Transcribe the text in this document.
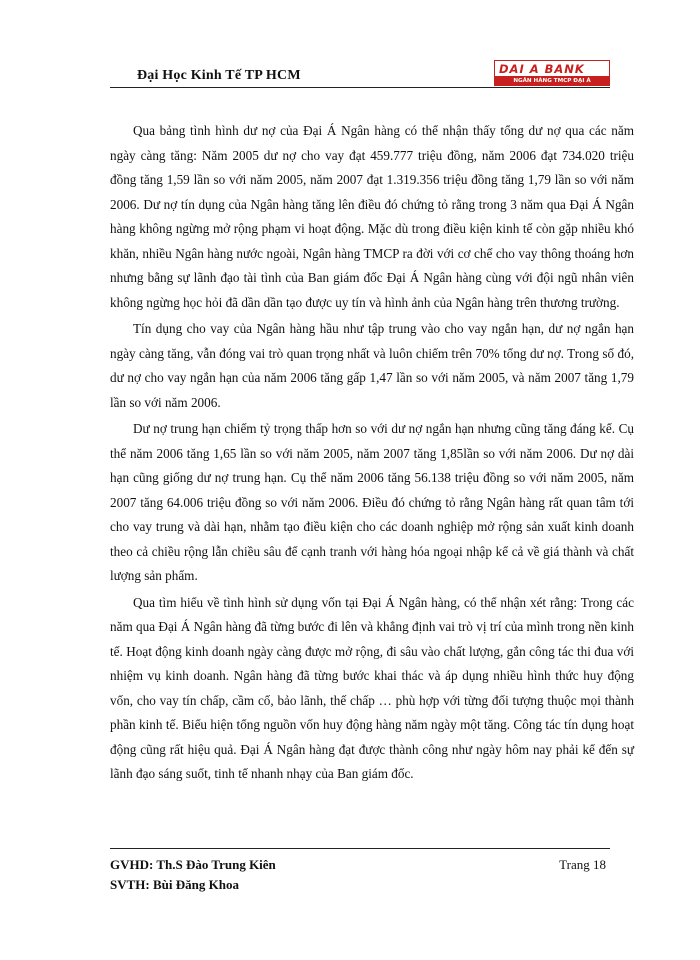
Đại Học Kinh Tế TP HCM	DAI A BANK
NGÂN HÀNG TMCP ĐẠI Á

Qua bảng tình hình dư nợ của Đại Á Ngân hàng có thể nhận thấy tổng dư nợ qua các năm ngày càng tăng: Năm 2005 dư nợ cho vay đạt 459.777 triệu đồng, năm 2006 đạt 734.020 triệu đồng tăng 1,59 lần so với năm 2005, năm 2007 đạt 1.319.356 triệu đồng tăng 1,79 lần so với năm 2006. Dư nợ tín dụng của Ngân hàng tăng lên điều đó chứng tỏ rằng trong 3 năm qua Đại Á Ngân hàng không ngừng mở rộng phạm vi hoạt động. Mặc dù trong điều kiện kinh tế còn gặp nhiều khó khăn, nhiều Ngân hàng nước ngoài, Ngân hàng TMCP ra đời với cơ chế cho vay thông thoáng hơn nhưng bằng sự lãnh đạo tài tình của Ban giám đốc Đại Á Ngân hàng cùng với đội ngũ nhân viên không ngừng học hỏi đã dần dần tạo được uy tín và hình ảnh của Ngân hàng trên thương trường.

Tín dụng cho vay của Ngân hàng hầu như tập trung vào cho vay ngắn hạn, dư nợ ngắn hạn ngày càng tăng, vẫn đóng vai trò quan trọng nhất và luôn chiếm trên 70% tổng dư nợ. Trong số đó, dư nợ cho vay ngắn hạn của năm 2006 tăng gấp 1,47 lần so với năm 2005, và năm 2007 tăng 1,79 lần so với năm 2006.

Dư nợ trung hạn chiếm tỷ trọng thấp hơn so với dư nợ ngắn hạn nhưng cũng tăng đáng kể. Cụ thể năm 2006 tăng 1,65 lần so với năm 2005, năm 2007 tăng 1,85lần so với năm 2006. Dư nợ dài hạn cũng giống dư nợ trung hạn. Cụ thể năm 2006 tăng 56.138 triệu đồng so với năm 2005, năm 2007 tăng 64.006 triệu đồng so với năm 2006. Điều đó chứng tỏ rằng Ngân hàng rất quan tâm tới cho vay trung và dài hạn, nhằm tạo điều kiện cho các doanh nghiệp mở rộng sản xuất kinh doanh theo cả chiều rộng lẫn chiều sâu để cạnh tranh với hàng hóa ngoại nhập kể cả về giá thành và chất lượng sản phẩm.

Qua tìm hiểu về tình hình sử dụng vốn tại Đại Á Ngân hàng, có thể nhận xét rằng: Trong các năm qua Đại Á Ngân hàng đã từng bước đi lên và khẳng định vai trò vị trí của mình trong nền kinh tế. Hoạt động kinh doanh ngày càng được mở rộng, đi sâu vào chất lượng, gắn công tác thi đua với nhiệm vụ kinh doanh. Ngân hàng đã từng bước khai thác và áp dụng nhiều hình thức huy động vốn, cho vay tín chấp, cầm cố, bảo lãnh, thế chấp … phù hợp với từng đối tượng thuộc mọi thành phần kinh tế. Biểu hiện tổng nguồn vốn huy động hàng năm ngày một tăng. Công tác tín dụng hoạt động cũng rất hiệu quả. Đại Á Ngân hàng đạt được thành công như ngày hôm nay phải kể đến sự lãnh đạo sáng suốt, tinh tế nhanh nhạy của Ban giám đốc.

GVHD: Th.S Đào Trung Kiên	Trang 18
SVTH: Bùi Đăng Khoa
